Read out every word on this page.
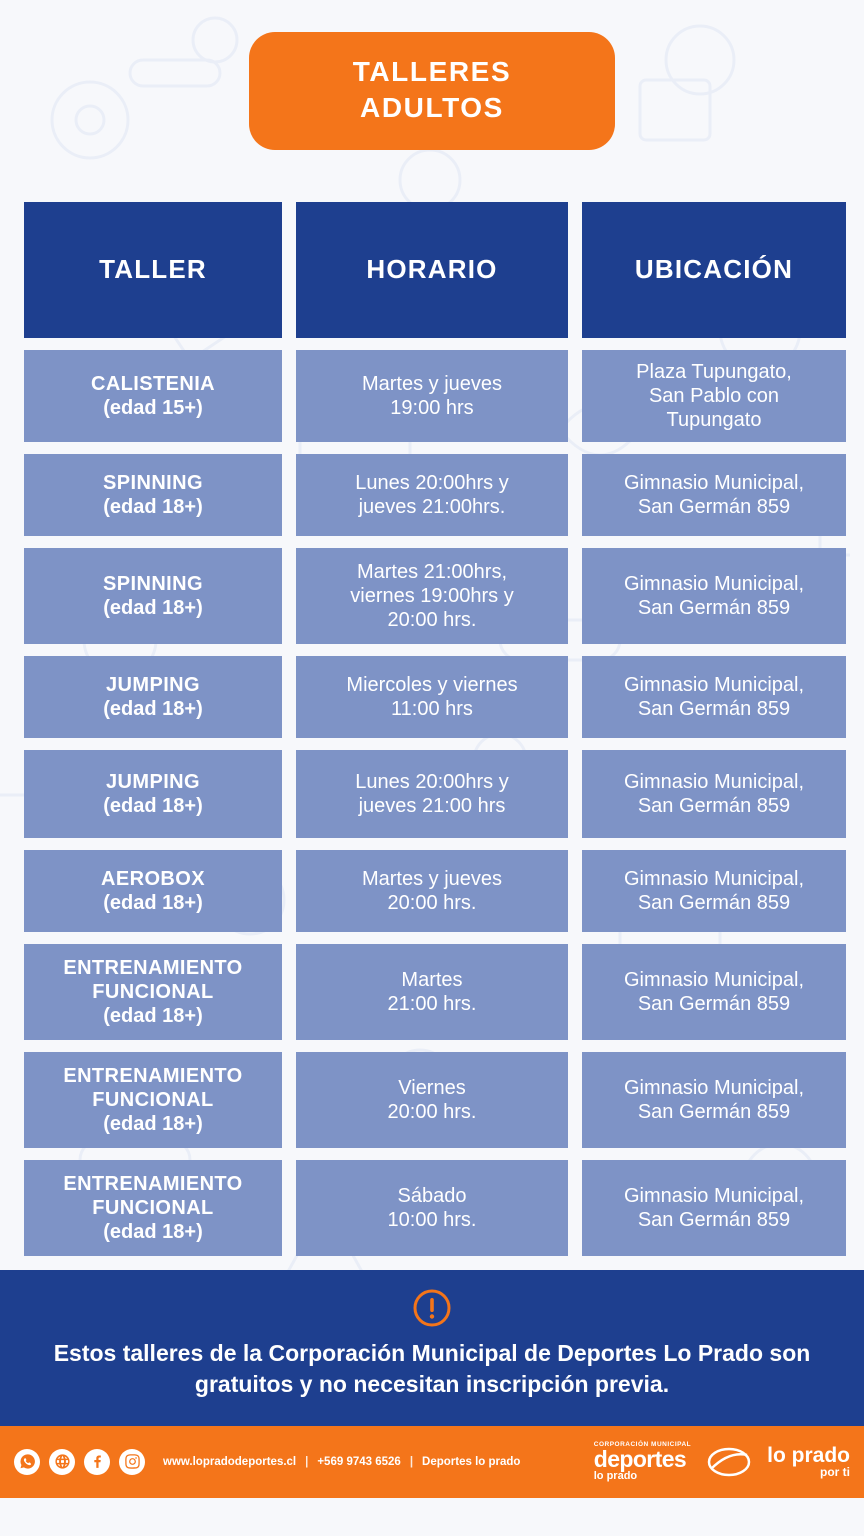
TALLERES
ADULTOS
TALLER	HORARIO	UBICACIÓN
CALISTENIA
(edad 15+)
Martes y jueves
19:00 hrs
Plaza Tupungato,
San Pablo con
Tupungato
SPINNING
(edad 18+)
Lunes 20:00hrs y
jueves 21:00hrs.
Gimnasio Municipal,
San Germán 859
SPINNING
(edad 18+)
Martes 21:00hrs,
viernes 19:00hrs y
20:00 hrs.
Gimnasio Municipal,
San Germán 859
JUMPING
(edad 18+)
Miercoles y viernes
11:00 hrs
Gimnasio Municipal,
San Germán 859
JUMPING
(edad 18+)
Lunes 20:00hrs y
jueves 21:00 hrs
Gimnasio Municipal,
San Germán 859
AEROBOX
(edad 18+)
Martes y jueves
20:00 hrs.
Gimnasio Municipal,
San Germán 859
ENTRENAMIENTO
FUNCIONAL
(edad 18+)
Martes
21:00 hrs.
Gimnasio Municipal,
San Germán 859
ENTRENAMIENTO
FUNCIONAL
(edad 18+)
Viernes
20:00 hrs.
Gimnasio Municipal,
San Germán 859
ENTRENAMIENTO
FUNCIONAL
(edad 18+)
Sábado
10:00 hrs.
Gimnasio Municipal,
San Germán 859
Estos talleres de la Corporación Municipal de Deportes Lo Prado son gratuitos y no necesitan inscripción previa.
www.lopradodeportes.cl | +569 9743 6526 | Deportes lo prado
CORPORACIÓN MUNICIPAL
deportes
lo prado
lo prado
por ti
